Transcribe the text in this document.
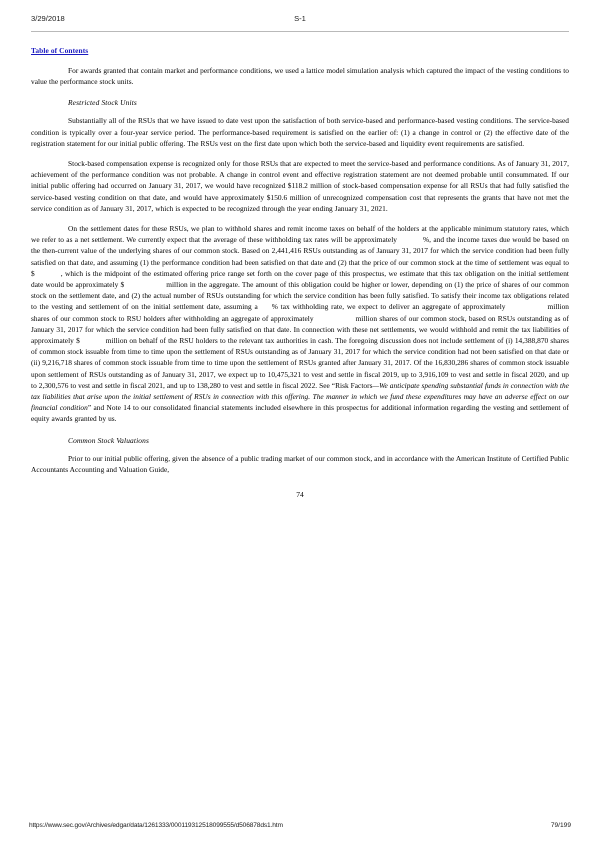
3/29/2018	S-1
Table of Contents

For awards granted that contain market and performance conditions, we used a lattice model simulation analysis which captured the impact of the vesting conditions to value the performance stock units.

Restricted Stock Units

Substantially all of the RSUs that we have issued to date vest upon the satisfaction of both service-based and performance-based vesting conditions. The service-based condition is typically over a four-year service period. The performance-based requirement is satisfied on the earlier of: (1) a change in control or (2) the effective date of the registration statement for our initial public offering. The RSUs vest on the first date upon which both the service-based and liquidity event requirements are satisfied.

Stock-based compensation expense is recognized only for those RSUs that are expected to meet the service-based and performance conditions. As of January 31, 2017, achievement of the performance condition was not probable. A change in control event and effective registration statement are not deemed probable until consummated. If our initial public offering had occurred on January 31, 2017, we would have recognized $118.2 million of stock-based compensation expense for all RSUs that had fully satisfied the service-based vesting condition on that date, and would have approximately $150.6 million of unrecognized compensation cost that represents the grants that have not met the service condition as of January 31, 2017, which is expected to be recognized through the year ending January 31, 2021.

On the settlement dates for these RSUs, we plan to withhold shares and remit income taxes on behalf of the holders at the applicable minimum statutory rates, which we refer to as a net settlement. We currently expect that the average of these withholding tax rates will be approximately	%, and the income taxes due would be based on the then-current value of the underlying shares of our common stock. Based on 2,441,416 RSUs outstanding as of January 31, 2017 for which the service condition had been fully satisfied on that date, and assuming (1) the performance condition had been satisfied on that date and (2) that the price of our common stock at the time of settlement was equal to $	, which is the midpoint of the estimated offering price range set forth on the cover page of this prospectus, we estimate that this tax obligation on the initial settlement date would be approximately $	million in the aggregate. The amount of this obligation could be higher or lower, depending on (1) the price of shares of our common stock on the settlement date, and (2) the actual number of RSUs outstanding for which the service condition has been fully satisfied. To satisfy their income tax obligations related to the vesting and settlement of on the initial settlement date, assuming a % tax withholding rate, we expect to deliver an aggregate of approximately	million shares of our common stock to RSU holders after withholding an aggregate of approximately	million shares of our common stock, based on RSUs outstanding as of January 31, 2017 for which the service condition had been fully satisfied on that date. In connection with these net settlements, we would withhold and remit the tax liabilities of approximately $	million on behalf of the RSU holders to the relevant tax authorities in cash. The foregoing discussion does not include settlement of (i) 14,388,870 shares of common stock issuable from time to time upon the settlement of RSUs outstanding as of January 31, 2017 for which the service condition had not been satisfied on that date or (ii) 9,216,718 shares of common stock issuable from time to time upon the settlement of RSUs granted after January 31, 2017. Of the 16,830,286 shares of common stock issuable upon settlement of RSUs outstanding as of January 31, 2017, we expect up to 10,475,321 to vest and settle in fiscal 2019, up to 3,916,109 to vest and settle in fiscal 2020, and up to 2,300,576 to vest and settle in fiscal 2021, and up to 138,280 to vest and settle in fiscal 2022. See “Risk Factors—We anticipate spending substantial funds in connection with the tax liabilities that arise upon the initial settlement of RSUs in connection with this offering. The manner in which we fund these expenditures may have an adverse effect on our financial condition” and Note 14 to our consolidated financial statements included elsewhere in this prospectus for additional information regarding the vesting and settlement of equity awards granted by us.

Common Stock Valuations

Prior to our initial public offering, given the absence of a public trading market of our common stock, and in accordance with the American Institute of Certified Public Accountants Accounting and Valuation Guide,

74
https://www.sec.gov/Archives/edgar/data/1261333/000119312518099555/d506878ds1.htm	79/199
